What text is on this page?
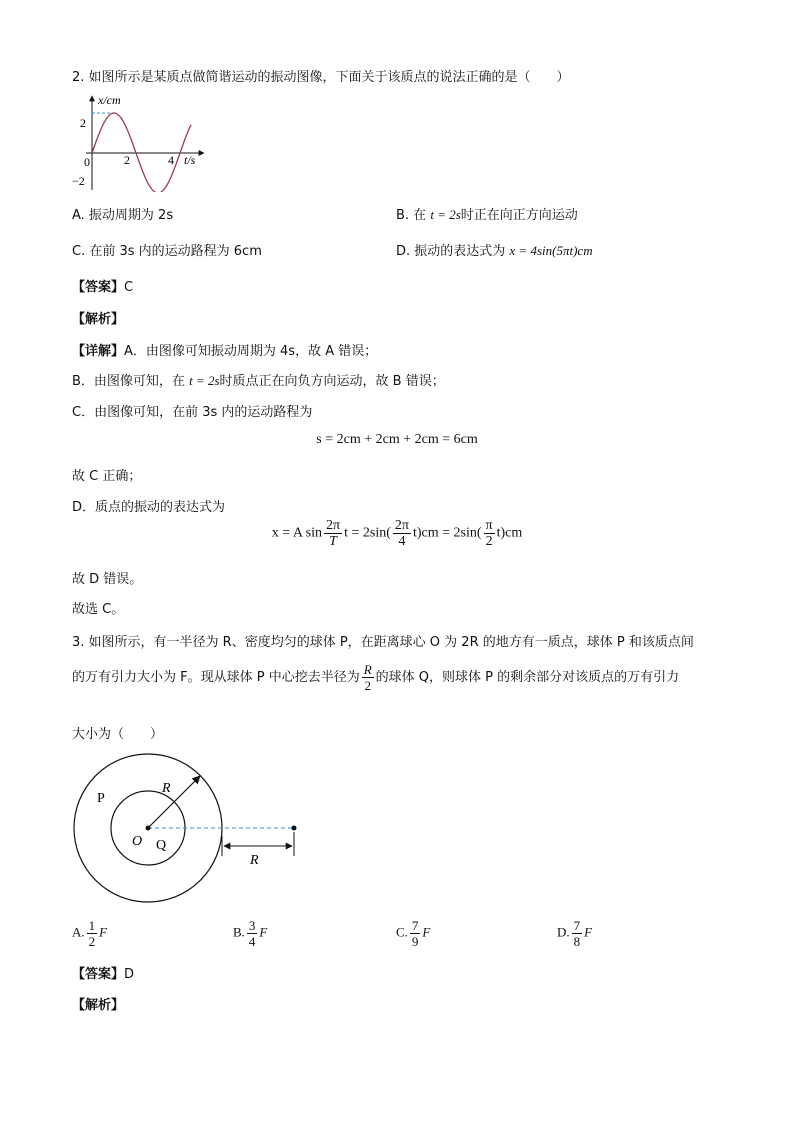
2. 如图所示是某质点做简谐运动的振动图像，下面关于该质点的说法正确的是（　　）
x/cm
2
0
−2
2	4 t/s
A. 振动周期为 2s	B. 在 t = 2s时正在向正方向运动
C. 在前 3s 内的运动路程为 6cm	D. 振动的表达式为 x = 4sin(5πt)cm
【答案】C
【解析】
【详解】A．由图像可知振动周期为 4s，故 A 错误；
B．由图像可知，在 t = 2s时质点正在向负方向运动，故 B 错误；
C．由图像可知，在前 3s 内的运动路程为
s = 2cm + 2cm + 2cm = 6cm
故 C 正确；
D．质点的振动的表达式为
x = A $\sin \frac{2\pi}{T}$ $t = 2\sin( \frac{2\pi}{4} t)cm = 2\sin( \frac{\pi}{2} t)cm$
故 D 错误。
故选 C。
3. 如图所示，有一半径为 R、密度均匀的球体 P，在距离球心 O 为 2R 的地方有一质点，球体 P 和该质点间
的万有引力大小为 F。现从球体 P 中心挖去半径为 $\frac{R}{2}$ 的球体 Q，则球体 P 的剩余部分对该质点的万有引力
大小为（　　）
P
R
O Q
R
A. $\frac{1}{2}$ F	B. $\frac{3}{4}$ F	C. $\frac{7}{9}$ F	D. $\frac{7}{8}$ F
【答案】D
【解析】
